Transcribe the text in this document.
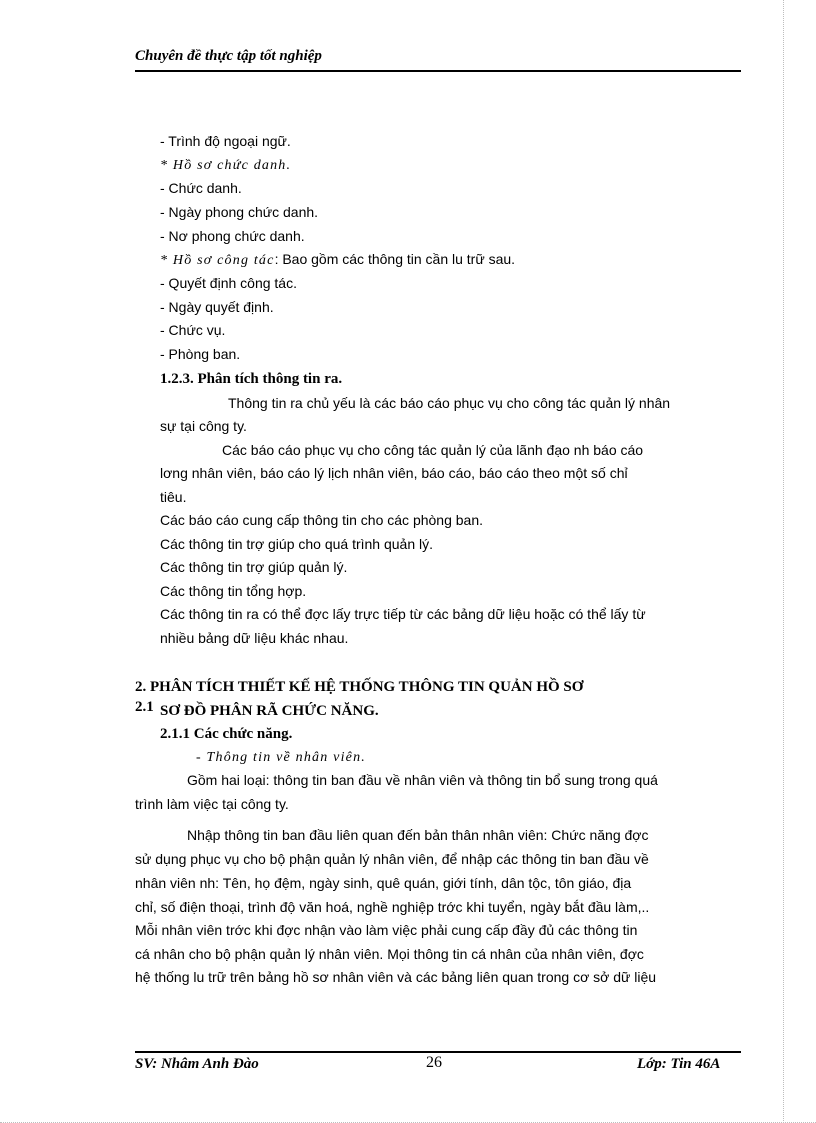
Chuyên đề thực tập tốt nghiệp
- Trình độ ngoại ngữ.
* Hồ sơ chức danh.
- Chức danh.
- Ngày phong chức danh.
- Nơ phong chức danh.
* Hồ sơ công tác: Bao gồm các thông tin cần lu trữ sau.
- Quyết định công tác.
- Ngày quyết định.
- Chức vụ.
- Phòng ban.
1.2.3. Phân tích thông tin ra.
Thông tin ra chủ yếu là các báo cáo phục vụ cho công tác quản lý nhân
sự tại công ty.
Các báo cáo phục vụ cho công tác quản lý của lãnh đạo nh báo cáo
lơng nhân viên, báo cáo lý lịch nhân viên, báo cáo, báo cáo theo một số chỉ
tiêu.
Các báo cáo cung cấp thông tin cho các phòng ban.
Các thông tin trợ giúp cho quá trình quản lý.
Các thông tin trợ giúp quản lý.
Các thông tin tổng hợp.
Các thông tin ra có thể đợc lấy trực tiếp từ các bảng dữ liệu hoặc có thể lấy từ
nhiều bảng dữ liệu khác nhau.
2. PHÂN TÍCH THIẾT KẾ HỆ THỐNG THÔNG TIN QUẢN HỒ SƠ
2.1 SƠ ĐỒ PHÂN RÃ CHỨC NĂNG.
2.1.1 Các chức năng.
- Thông tin về nhân viên.
Gồm hai loại: thông tin ban đầu về nhân viên và thông tin bổ sung trong quá
trình làm việc tại công ty.
Nhập thông tin ban đầu liên quan đến bản thân nhân viên: Chức năng đợc
sử dụng phục vụ cho bộ phận quản lý nhân viên, để nhập các thông tin ban đầu về
nhân viên nh: Tên, họ đệm, ngày sinh, quê quán, giới tính, dân tộc, tôn giáo, địa
chỉ, số điện thoại, trình độ văn hoá, nghề nghiệp trớc khi tuyển, ngày bắt đầu làm,..
Mỗi nhân viên trớc khi đợc nhận vào làm việc phải cung cấp đầy đủ các thông tin
cá nhân cho bộ phận quản lý nhân viên. Mọi thông tin cá nhân của nhân viên, đợc
hệ thống lu trữ trên bảng hồ sơ nhân viên và các bảng liên quan trong cơ sở dữ liệu
SV: Nhâm Anh Đào	26	Lớp: Tin 46A
